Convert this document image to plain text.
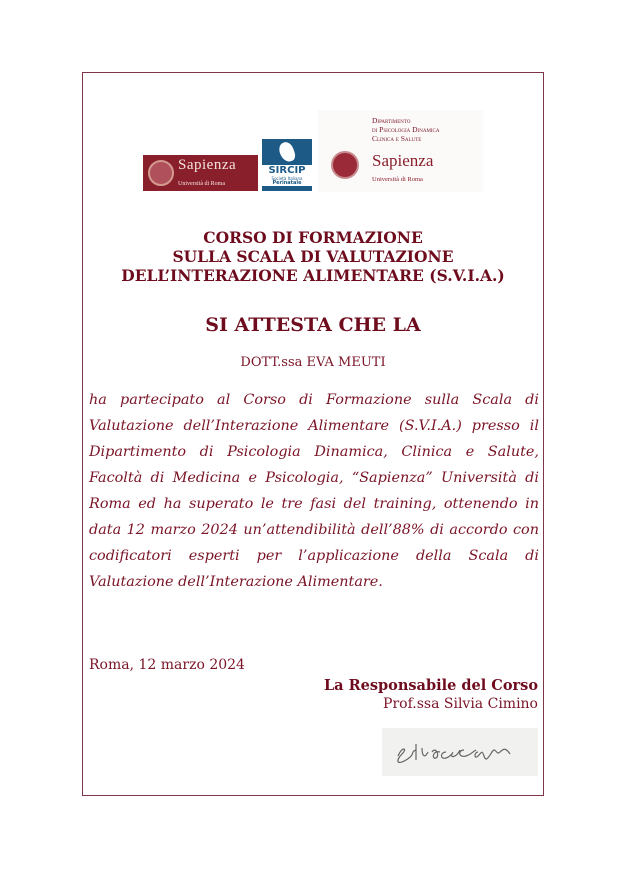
Sapienza
Università di Roma
SIRCIP
Società Italiana
Perinatale
Dipartimento
di Psicologia Dinamica
Clinica e Salute
Sapienza
Università di Roma
CORSO DI FORMAZIONE
SULLA SCALA DI VALUTAZIONE
DELL’INTERAZIONE ALIMENTARE (S.V.I.A.)
SI ATTESTA CHE LA
DOTT.ssa EVA MEUTI
ha partecipato al Corso di Formazione sulla Scala di Valutazione dell’Interazione Alimentare (S.V.I.A.) presso il Dipartimento di Psicologia Dinamica, Clinica e Salute, Facoltà di Medicina e Psicologia, “Sapienza” Università di Roma ed ha superato le tre fasi del training, ottenendo in data 12 marzo 2024 un’attendibilità dell’88% di accordo con codificatori esperti per l’applicazione della Scala di Valutazione dell’Interazione Alimentare.
Roma, 12 marzo 2024
La Responsabile del Corso
Prof.ssa Silvia Cimino
